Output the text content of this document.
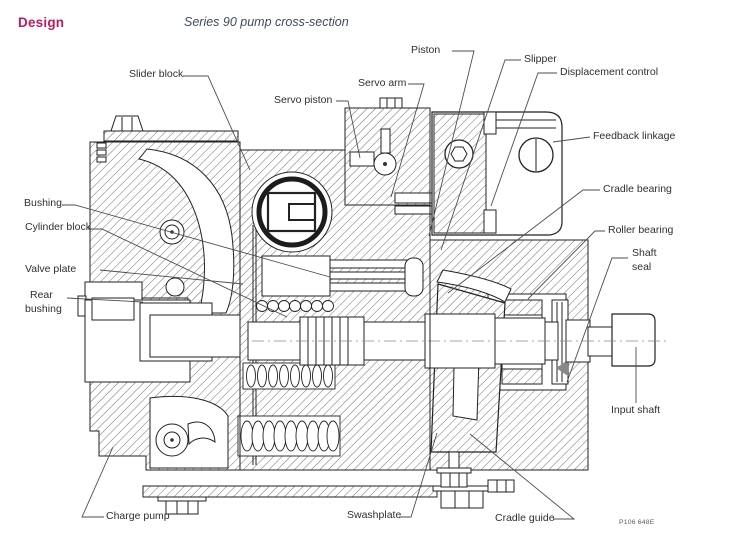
Design	Series 90 pump cross-section
Slider block
Servo piston
Servo arm
Piston
Slipper
Displacement control
Feedback linkage
Cradle bearing
Roller bearing
Shaft
seal
Input shaft
Bushing
Cylinder block
Valve plate
Rear
bushing
Charge pump	Swashplate	Cradle guide	P106 648E
